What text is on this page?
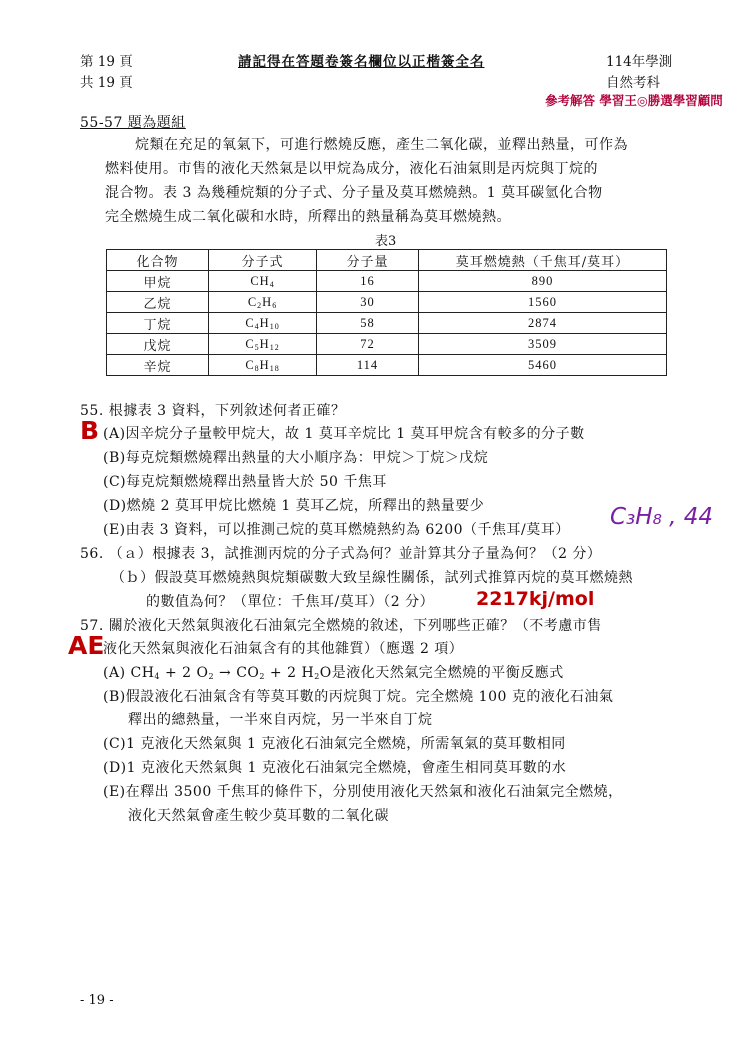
第 19 頁
共 19 頁
請記得在答題卷簽名欄位以正楷簽全名	114年學測
自然考科
參考解答 學習王◎勝選學習顧問
55-57 題為題組
烷類在充足的氧氣下，可進行燃燒反應，產生二氧化碳，並釋出熱量，可作為
燃料使用。市售的液化天然氣是以甲烷為成分，液化石油氣則是丙烷與丁烷的
混合物。表 3 為幾種烷類的分子式、分子量及莫耳燃燒熱。1 莫耳碳氫化合物
完全燃燒生成二氧化碳和水時，所釋出的熱量稱為莫耳燃燒熱。
表3
化合物	分子式	分子量	莫耳燃燒熱（千焦耳/莫耳）
甲烷	$CH_4$	16	890
乙烷	$C_2H_6$	30	1560
丁烷	$C_4H_{10}$	58	2874
戊烷	$C_5H_{12}$	72	3509
辛烷	$C_8H_{18}$	114	5460
55. 根據表 3 資料，下列敘述何者正確？
B (A)因辛烷分子量較甲烷大，故 1 莫耳辛烷比 1 莫耳甲烷含有較多的分子數
(B)每克烷類燃燒釋出熱量的大小順序為：甲烷＞丁烷＞戊烷
(C)每克烷類燃燒釋出熱量皆大於 50 千焦耳
(D)燃燒 2 莫耳甲烷比燃燒 1 莫耳乙烷，所釋出的熱量要少
(E)由表 3 資料，可以推測己烷的莫耳燃燒熱約為 6200（千焦耳/莫耳） C₃H₈ , 44
56. （ａ）根據表 3，試推測丙烷的分子式為何？並計算其分子量為何？（2 分）
（ｂ）假設莫耳燃燒熱與烷類碳數大致呈線性關係，試列式推算丙烷的莫耳燃燒熱
的數值為何？（單位：千焦耳/莫耳）（2 分） 2217kj/mol
57. 關於液化天然氣與液化石油氣完全燃燒的敘述，下列哪些正確？（不考慮市售
AE
液化天然氣與液化石油氣含有的其他雜質）（應選 2 項）
(A) $CH_4 + 2$ $O_2 \to CO_2 + 2$ $H_2O$是液化天然氣完全燃燒的平衡反應式
(B)假設液化石油氣含有等莫耳數的丙烷與丁烷。完全燃燒 100 克的液化石油氣
釋出的總熱量，一半來自丙烷，另一半來自丁烷
(C)1 克液化天然氣與 1 克液化石油氣完全燃燒，所需氧氣的莫耳數相同
(D)1 克液化天然氣與 1 克液化石油氣完全燃燒，會產生相同莫耳數的水
(E)在釋出 3500 千焦耳的條件下，分別使用液化天然氣和液化石油氣完全燃燒，
液化天然氣會產生較少莫耳數的二氧化碳
- 19 -
